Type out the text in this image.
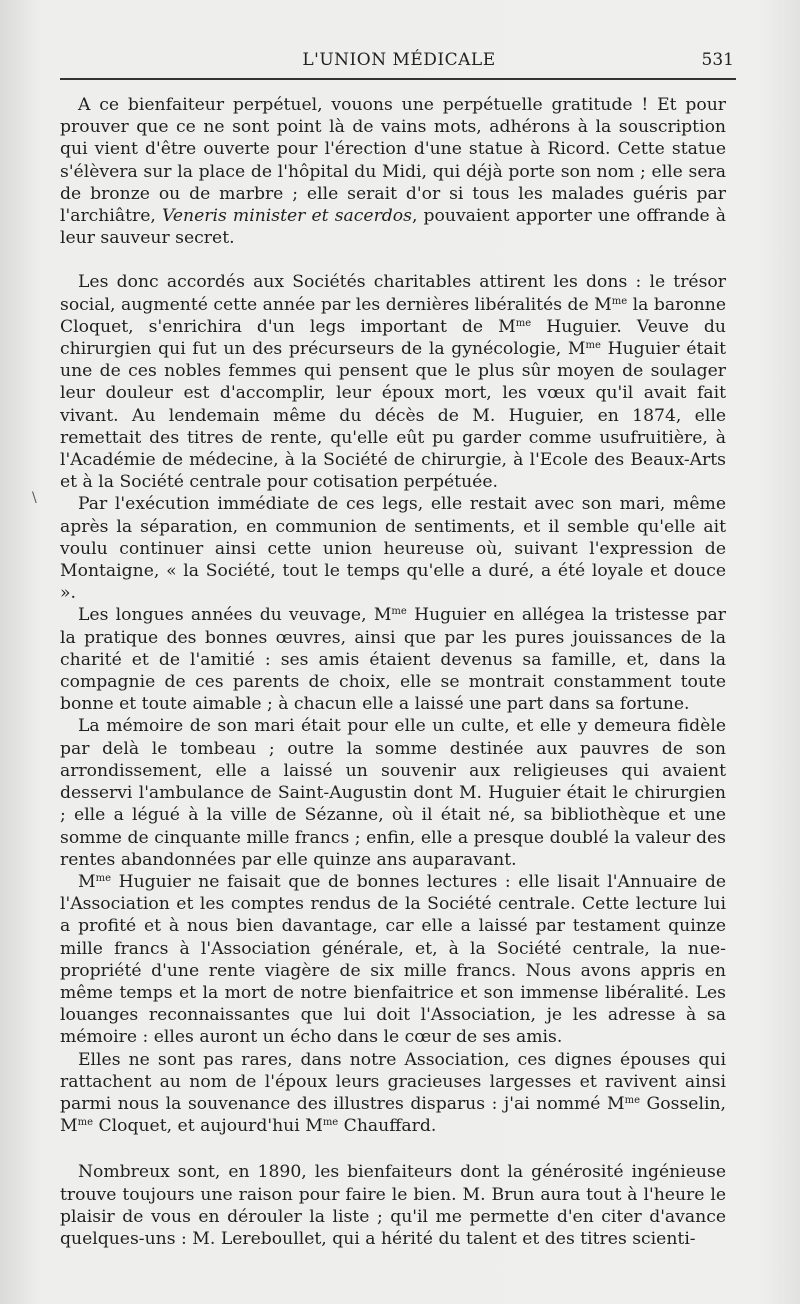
L'UNION MÉDICALE	531
\

A ce bienfaiteur perpétuel, vouons une perpétuelle gratitude ! Et pour prouver que ce ne sont point là de vains mots, adhérons à la souscription qui vient d'être ouverte pour l'érection d'une statue à Ricord. Cette statue s'élèvera sur la place de l'hôpital du Midi, qui déjà porte son nom ; elle sera de bronze ou de marbre ; elle serait d'or si tous les malades guéris par l'archiâtre, Veneris minister et sacerdos, pouvaient apporter une offrande à leur sauveur secret.

Les donc accordés aux Sociétés charitables attirent les dons : le trésor social, augmenté cette année par les dernières libéralités de $M^{me}$ la baronne Cloquet, s'enrichira d'un legs important de $M^{me}$ Huguier. Veuve du chirurgien qui fut un des précurseurs de la gynécologie, $M^{me}$ Huguier était une de ces nobles femmes qui pensent que le plus sûr moyen de soulager leur douleur est d'accomplir, leur époux mort, les vœux qu'il avait fait vivant. Au lendemain même du décès de M. Huguier, en 1874, elle remettait des titres de rente, qu'elle eût pu garder comme usufruitière, à l'Académie de médecine, à la Société de chirurgie, à l'Ecole des Beaux-Arts et à la Société centrale pour cotisation perpétuée.

Par l'exécution immédiate de ces legs, elle restait avec son mari, même après la séparation, en communion de sentiments, et il semble qu'elle ait voulu continuer ainsi cette union heureuse où, suivant l'expression de Montaigne, « la Société, tout le temps qu'elle a duré, a été loyale et douce ».

Les longues années du veuvage, $M^{me}$ Huguier en allégea la tristesse par la pratique des bonnes œuvres, ainsi que par les pures jouissances de la charité et de l'amitié : ses amis étaient devenus sa famille, et, dans la compagnie de ces parents de choix, elle se montrait constamment toute bonne et toute aimable ; à chacun elle a laissé une part dans sa fortune.

La mémoire de son mari était pour elle un culte, et elle y demeura fidèle par delà le tombeau ; outre la somme destinée aux pauvres de son arrondissement, elle a laissé un souvenir aux religieuses qui avaient desservi l'ambulance de Saint-Augustin dont M. Huguier était le chirurgien ; elle a légué à la ville de Sézanne, où il était né, sa bibliothèque et une somme de cinquante mille francs ; enfin, elle a presque doublé la valeur des rentes abandonnées par elle quinze ans auparavant.

$M^{me}$ Huguier ne faisait que de bonnes lectures : elle lisait l'Annuaire de l'Association et les comptes rendus de la Société centrale. Cette lecture lui a profité et à nous bien davantage, car elle a laissé par testament quinze mille francs à l'Association générale, et, à la Société centrale, la nue-propriété d'une rente viagère de six mille francs. Nous avons appris en même temps et la mort de notre bienfaitrice et son immense libéralité. Les louanges reconnaissantes que lui doit l'Association, je les adresse à sa mémoire : elles auront un écho dans le cœur de ses amis.

Elles ne sont pas rares, dans notre Association, ces dignes épouses qui rattachent au nom de l'époux leurs gracieuses largesses et ravivent ainsi parmi nous la souvenance des illustres disparus : j'ai nommé $M^{me}$ Gosselin, $M^{me}$ Cloquet, et aujourd'hui $M^{me}$ Chauffard.

Nombreux sont, en 1890, les bienfaiteurs dont la générosité ingénieuse trouve toujours une raison pour faire le bien. M. Brun aura tout à l'heure le plaisir de vous en dérouler la liste ; qu'il me permette d'en citer d'avance quelques-uns : M. Lereboullet, qui a hérité du talent et des titres scienti-
